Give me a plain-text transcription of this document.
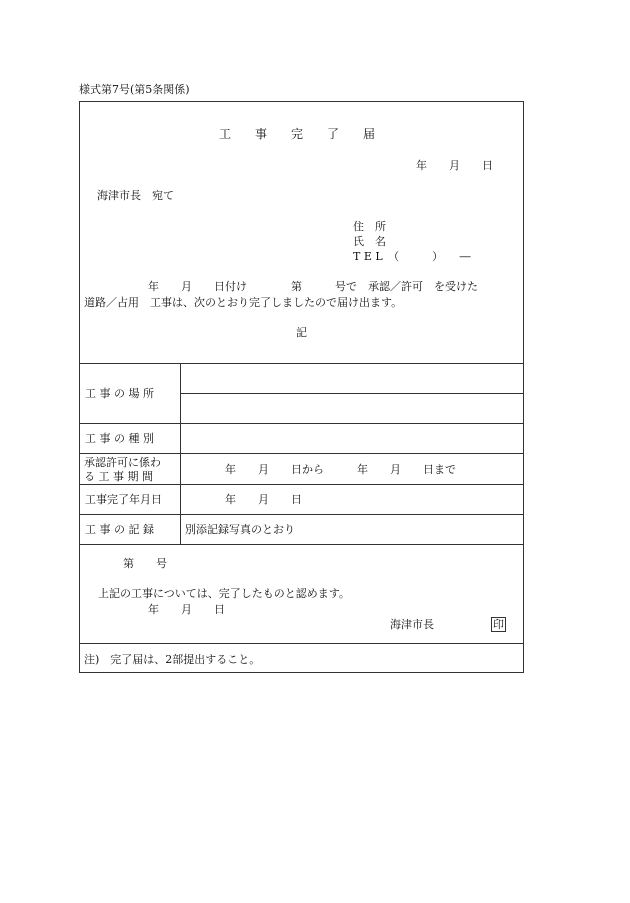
様式第7号(第5条関係)
工　　事　　完　　了　　届
年　　月　　日
海津市長　宛て
住　所
氏　名
T E L　（　　　）　　―
年　　月　　日付け　　　　第　　　号で　承認／許可　を受けた
道路／占用　工事は、次のとおり完了しましたので届け出ます。
記
工 事 の 場 所
工 事 の 種 別
承認許可に係わ
る 工 事 期 間
年　　月　　日から　　　年　　月　　日まで
工事完了年月日	年　　月　　日
工 事 の 記 録	別添記録写真のとおり
第　　号
上記の工事については、完了したものと認めます。
年　　月　　日
海津市長	印
注)　完了届は、2部提出すること。
